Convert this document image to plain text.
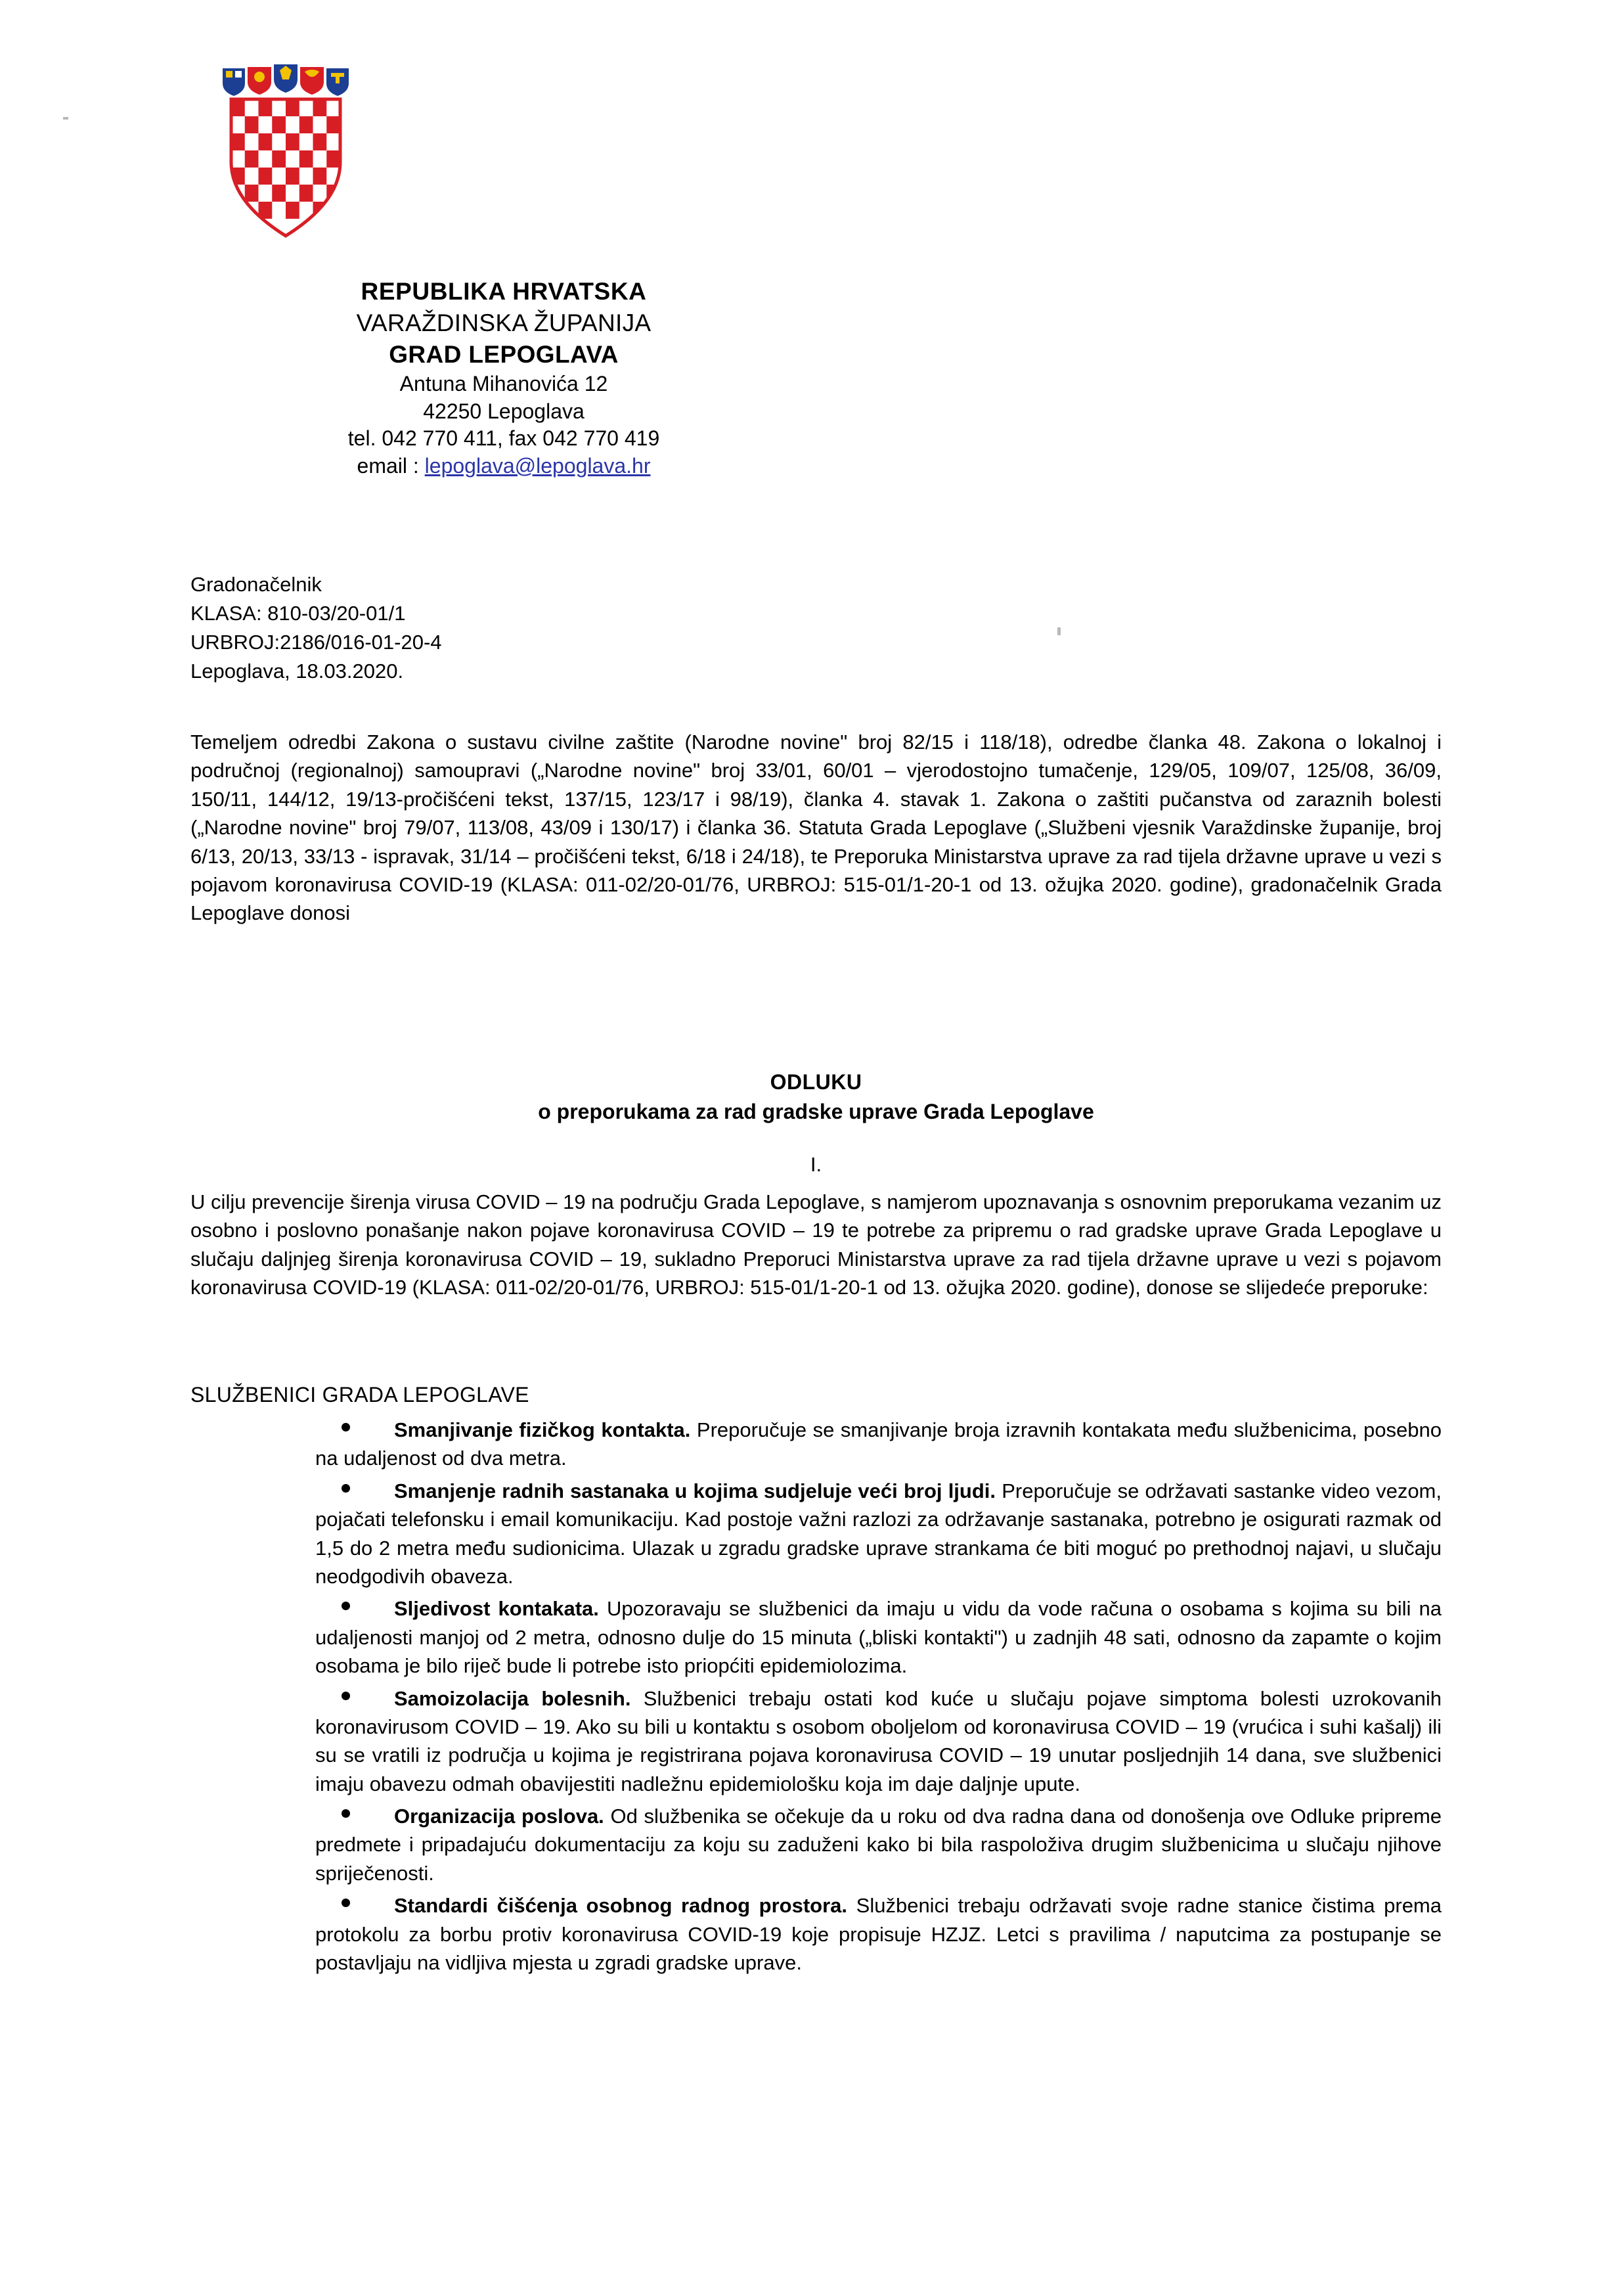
REPUBLIKA HRVATSKA
VARAŽDINSKA ŽUPANIJA
GRAD LEPOGLAVA
Antuna Mihanovića 12
42250 Lepoglava
tel. 042 770 411, fax 042 770 419
email : lepoglava@lepoglava.hr
Gradonačelnik
KLASA: 810-03/20-01/1
URBROJ:2186/016-01-20-4
Lepoglava, 18.03.2020.
Temeljem odredbi Zakona o sustavu civilne zaštite (Narodne novine" broj 82/15 i 118/18), odredbe članka 48. Zakona o lokalnoj i područnoj (regionalnoj) samoupravi („Narodne novine" broj 33/01, 60/01 – vjerodostojno tumačenje, 129/05, 109/07, 125/08, 36/09, 150/11, 144/12, 19/13-pročišćeni tekst, 137/15, 123/17 i 98/19), članka 4. stavak 1. Zakona o zaštiti pučanstva od zaraznih bolesti („Narodne novine" broj 79/07, 113/08, 43/09 i 130/17) i članka 36. Statuta Grada Lepoglave („Službeni vjesnik Varaždinske županije, broj 6/13, 20/13, 33/13 - ispravak, 31/14 – pročišćeni tekst, 6/18 i 24/18), te Preporuka Ministarstva uprave za rad tijela državne uprave u vezi s pojavom koronavirusa COVID-19 (KLASA: 011-02/20-01/76, URBROJ: 515-01/1-20-1 od 13. ožujka 2020. godine), gradonačelnik Grada Lepoglave donosi
ODLUKU
o preporukama za rad gradske uprave Grada Lepoglave
I.
U cilju prevencije širenja virusa COVID – 19 na području Grada Lepoglave, s namjerom upoznavanja s osnovnim preporukama vezanim uz osobno i poslovno ponašanje nakon pojave koronavirusa COVID – 19 te potrebe za pripremu o rad gradske uprave Grada Lepoglave u slučaju daljnjeg širenja koronavirusa COVID – 19, sukladno Preporuci Ministarstva uprave za rad tijela državne uprave u vezi s pojavom koronavirusa COVID-19 (KLASA: 011-02/20-01/76, URBROJ: 515-01/1-20-1 od 13. ožujka 2020. godine), donose se slijedeće preporuke:
SLUŽBENICI GRADA LEPOGLAVE
Smanjivanje fizičkog kontakta. Preporučuje se smanjivanje broja izravnih kontakata među službenicima, posebno na udaljenost od dva metra.
Smanjenje radnih sastanaka u kojima sudjeluje veći broj ljudi. Preporučuje se održavati sastanke video vezom, pojačati telefonsku i email komunikaciju. Kad postoje važni razlozi za održavanje sastanaka, potrebno je osigurati razmak od 1,5 do 2 metra među sudionicima. Ulazak u zgradu gradske uprave strankama će biti moguć po prethodnoj najavi, u slučaju neodgodivih obaveza.
Sljedivost kontakata. Upozoravaju se službenici da imaju u vidu da vode računa o osobama s kojima su bili na udaljenosti manjoj od 2 metra, odnosno dulje do 15 minuta („bliski kontakti") u zadnjih 48 sati, odnosno da zapamte o kojim osobama je bilo riječ bude li potrebe isto priopćiti epidemiolozima.
Samoizolacija bolesnih. Službenici trebaju ostati kod kuće u slučaju pojave simptoma bolesti uzrokovanih koronavirusom COVID – 19. Ako su bili u kontaktu s osobom oboljelom od koronavirusa COVID – 19 (vrućica i suhi kašalj) ili su se vratili iz područja u kojima je registrirana pojava koronavirusa COVID – 19 unutar posljednjih 14 dana, sve službenici imaju obavezu odmah obavijestiti nadležnu epidemiološku koja im daje daljnje upute.
Organizacija poslova. Od službenika se očekuje da u roku od dva radna dana od donošenja ove Odluke pripreme predmete i pripadajuću dokumentaciju za koju su zaduženi kako bi bila raspoloživa drugim službenicima u slučaju njihove spriječenosti.
Standardi čišćenja osobnog radnog prostora. Službenici trebaju održavati svoje radne stanice čistima prema protokolu za borbu protiv koronavirusa COVID-19 koje propisuje HZJZ. Letci s pravilima / naputcima za postupanje se postavljaju na vidljiva mjesta u zgradi gradske uprave.
